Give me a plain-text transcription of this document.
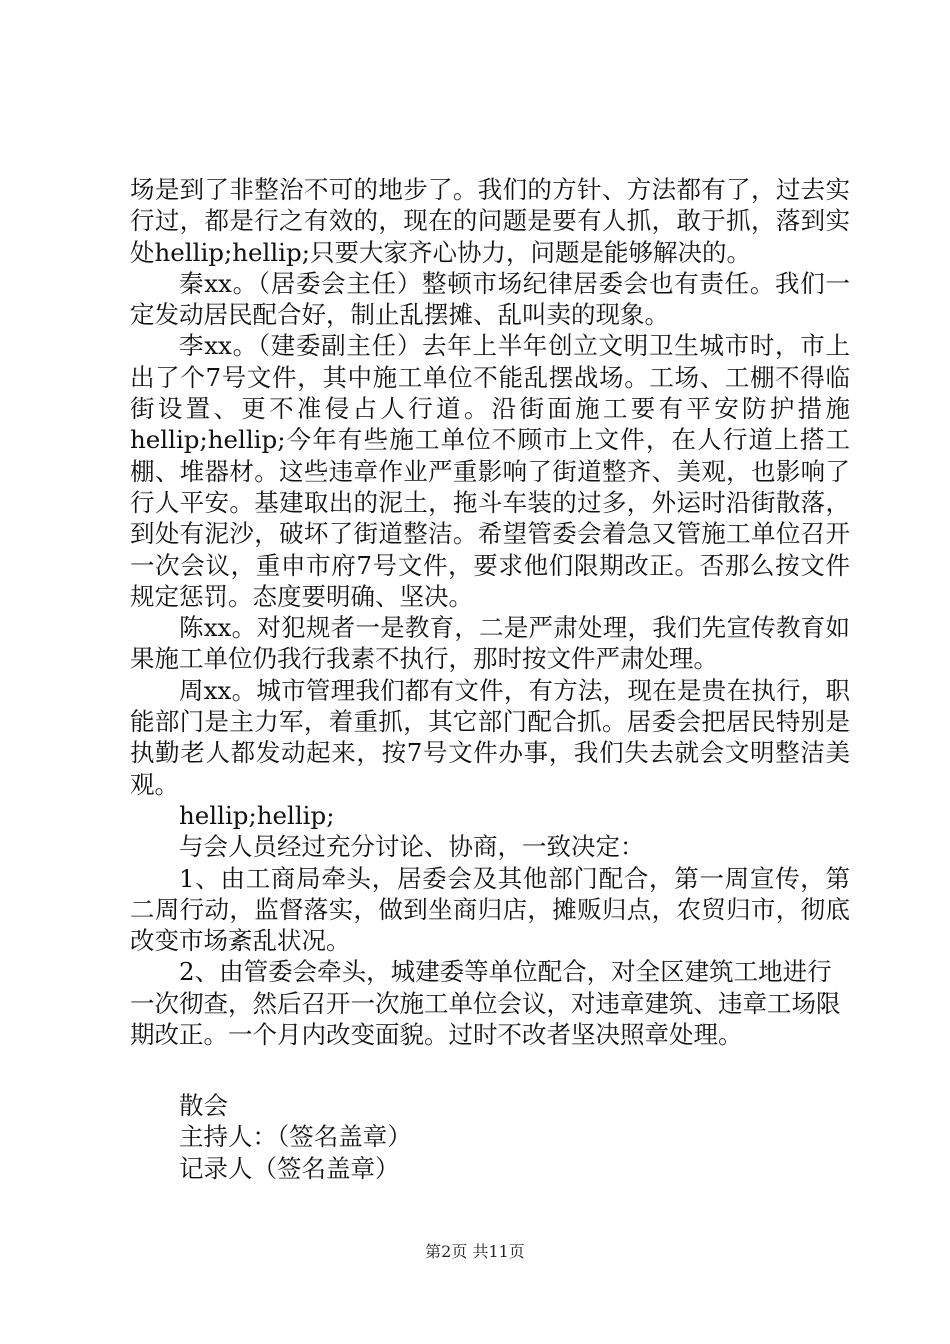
场是到了非整治不可的地步了。我们的方针、方法都有了，过去实行过，都是行之有效的，现在的问题是要有人抓，敢于抓，落到实处hellip;hellip;只要大家齐心协力，问题是能够解决的。

秦xx。（居委会主任）整顿市场纪律居委会也有责任。我们一定发动居民配合好，制止乱摆摊、乱叫卖的现象。

李xx。（建委副主任）去年上半年创立文明卫生城市时，市上出了个7号文件，其中施工单位不能乱摆战场。工场、工棚不得临街设置、更不准侵占人行道。沿街面施工要有平安防护措施hellip;hellip;今年有些施工单位不顾市上文件，在人行道上搭工棚、堆器材。这些违章作业严重影响了街道整齐、美观，也影响了行人平安。基建取出的泥土，拖斗车装的过多，外运时沿街散落，到处有泥沙，破坏了街道整洁。希望管委会着急又管施工单位召开一次会议，重申市府7号文件，要求他们限期改正。否那么按文件规定惩罚。态度要明确、坚决。

陈xx。对犯规者一是教育，二是严肃处理，我们先宣传教育如果施工单位仍我行我素不执行，那时按文件严肃处理。

周xx。城市管理我们都有文件，有方法，现在是贵在执行，职能部门是主力军，着重抓，其它部门配合抓。居委会把居民特别是执勤老人都发动起来，按7号文件办事，我们失去就会文明整洁美观。

hellip;hellip;

与会人员经过充分讨论、协商，一致决定：

1、由工商局牵头，居委会及其他部门配合，第一周宣传，第二周行动，监督落实，做到坐商归店，摊贩归点，农贸归市，彻底改变市场紊乱状况。

2、由管委会牵头，城建委等单位配合，对全区建筑工地进行一次彻查，然后召开一次施工单位会议，对违章建筑、违章工场限期改正。一个月内改变面貌。过时不改者坚决照章处理。

散会

主持人：（签名盖章）

记录人（签名盖章）

第2页 共11页
